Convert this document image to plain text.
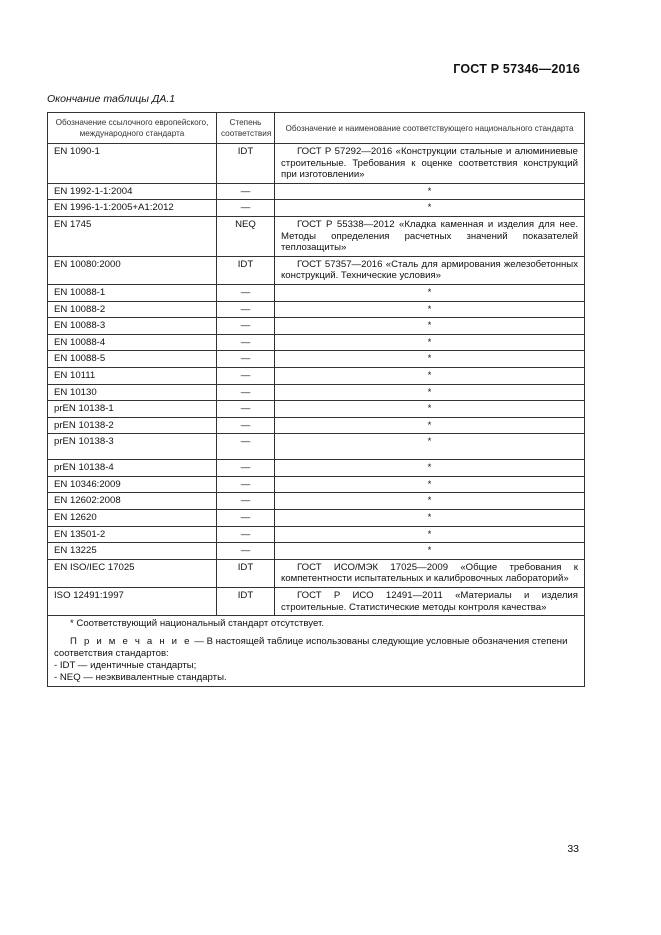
ГОСТ Р 57346—2016
Окончание таблицы ДА.1
Обозначение ссылочного европейского, международного стандарта	Степень соответствия	Обозначение и наименование соответствующего национального стандарта
EN 1090-1	IDT	ГОСТ Р 57292—2016 «Конструкции стальные и алюминиевые строительные. Требования к оценке соответствия конструкций при изготовлении»
EN 1992-1-1:2004	—	*
EN 1996-1-1:2005+A1:2012	—	*
EN 1745	NEQ	ГОСТ Р 55338—2012 «Кладка каменная и изделия для нее. Методы определения расчетных значений показателей теплозащиты»
EN 10080:2000	IDT	ГОСТ 57357—2016 «Сталь для армирования железобетонных конструкций. Технические условия»
EN 10088-1	—	*
EN 10088-2	—	*
EN 10088-3	—	*
EN 10088-4	—	*
EN 10088-5	—	*
EN 10111	—	*
EN 10130	—	*
prEN 10138-1	—	*
prEN 10138-2	—	*
prEN 10138-3	—	*
prEN 10138-4	—	*
EN 10346:2009	—	*
EN 12602:2008	—	*
EN 12620	—	*
EN 13501-2	—	*
EN 13225	—	*
EN ISO/IEC 17025	IDT	ГОСТ ИСО/МЭК 17025—2009 «Общие требования к компетентности испытательных и калибровочных лабораторий»
ISO 12491:1997	IDT	ГОСТ Р ИСО 12491—2011 «Материалы и изделия строительные. Статистические методы контроля качества»

* Соответствующий национальный стандарт отсутствует.

П р и м е ч а н и е — В настоящей таблице использованы следующие условные обозначения степени соответствия стандартов:

- IDT — идентичные стандарты;

- NEQ — неэквивалентные стандарты.		

33
